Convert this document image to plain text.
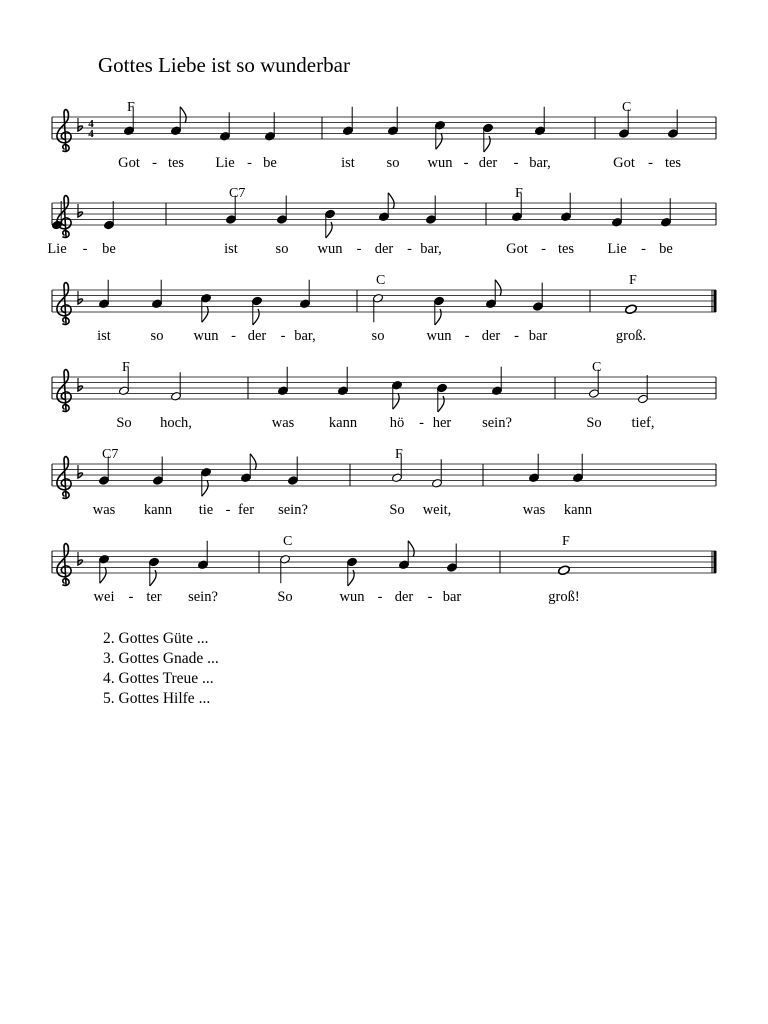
Gottes Liebe ist so wunderbar
4
4
F
Got tes Lie be	ist so wun der bar,
C
Got tes
-	-	-	-	-
Lie be
C7
ist	so wun der bar,
F
Got tes Lie be
-	-	-	-	-
ist	so wun der bar,
C
so	wun der bar
F
groß.
-	-	-	-
F
So hoch,	was kann hö her sein?
C
So tief,
-
C7
was kann tie fer sein?
F
So weit,	was kann
-
wei ter sein?
C
So	wun der bar
F
groß!
-	-	-
2. Gottes Güte ...
3. Gottes Gnade ...
4. Gottes Treue ...
5. Gottes Hilfe ...
